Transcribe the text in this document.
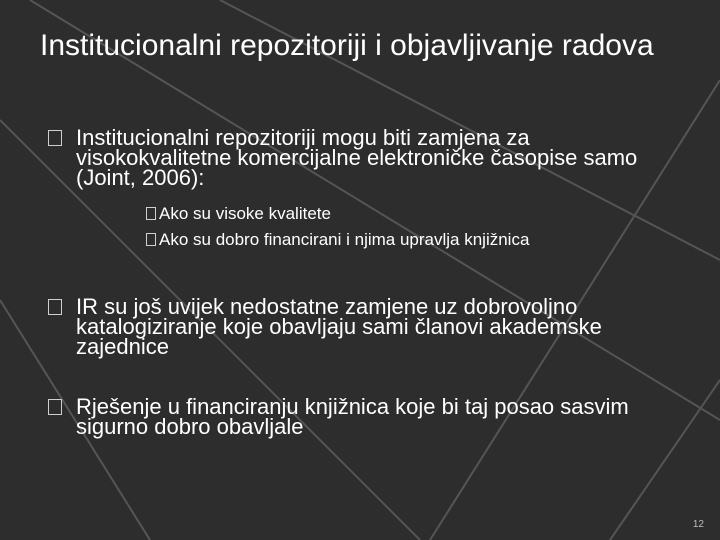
Institucionalni repozitoriji i objavljivanje radova
Institucionalni repozitoriji mogu biti zamjena za visokokvalitetne komercijalne elektroničke časopise samo (Joint, 2006):
Ako su visoke kvalitete
Ako su dobro financirani i njima upravlja knjižnica
IR su još uvijek nedostatne zamjene uz dobrovoljno katalogiziranje koje obavljaju sami članovi akademske zajednice
Rješenje u financiranju knjižnica koje bi taj posao sasvim sigurno dobro obavljale
12
